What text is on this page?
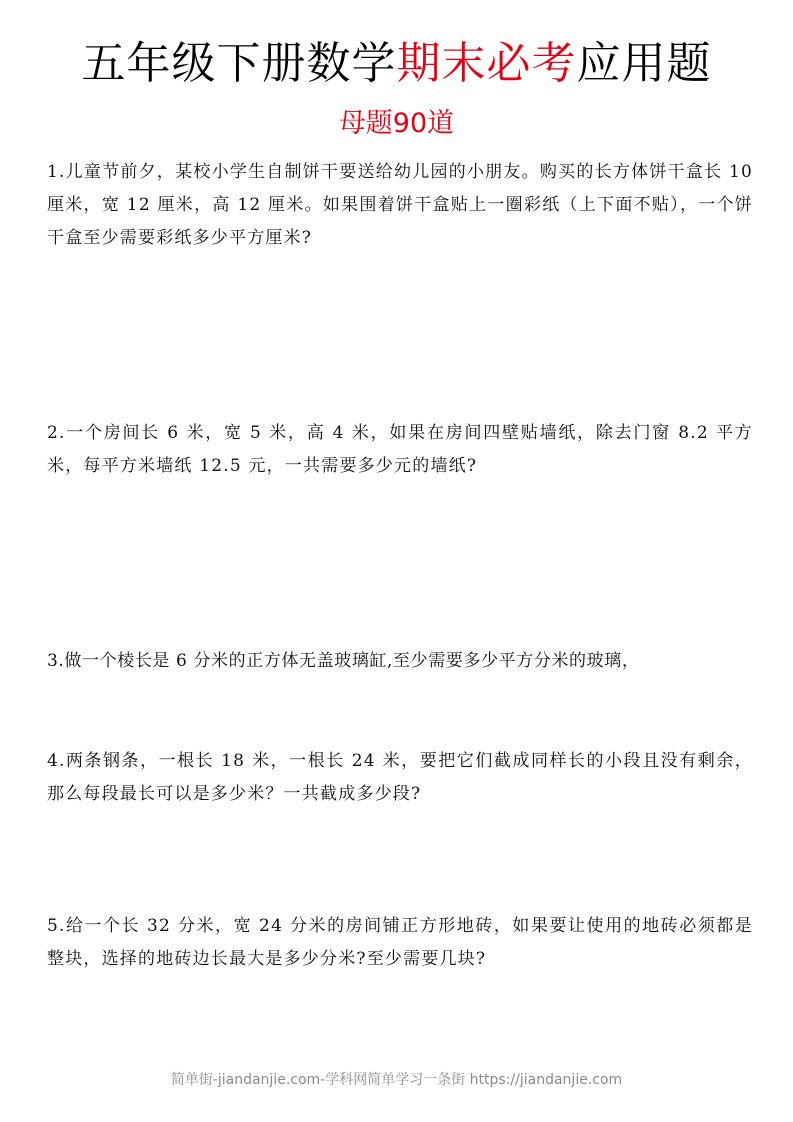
五年级下册数学期末必考应用题
母题90道
1.儿童节前夕，某校小学生自制饼干要送给幼儿园的小朋友。购买的长方体饼干盒长 10 厘米，宽 12 厘米，高 12 厘米。如果围着饼干盒贴上一圈彩纸（上下面不贴），一个饼干盒至少需要彩纸多少平方厘米?
2.一个房间长 6 米，宽 5 米，高 4 米，如果在房间四壁贴墙纸，除去门窗 8.2 平方米，每平方米墙纸 12.5 元，一共需要多少元的墙纸?
3.做一个棱长是 6 分米的正方体无盖玻璃缸,至少需要多少平方分米的玻璃，
4.两条钢条，一根长 18 米，一根长 24 米，要把它们截成同样长的小段且没有剩余，那么每段最长可以是多少米？一共截成多少段?
5.给一个长 32 分米，宽 24 分米的房间铺正方形地砖，如果要让使用的地砖必须都是整块，选择的地砖边长最大是多少分米?至少需要几块?
简单街-jiandanjie.com-学科网简单学习一条街 https://jiandanjie.com
